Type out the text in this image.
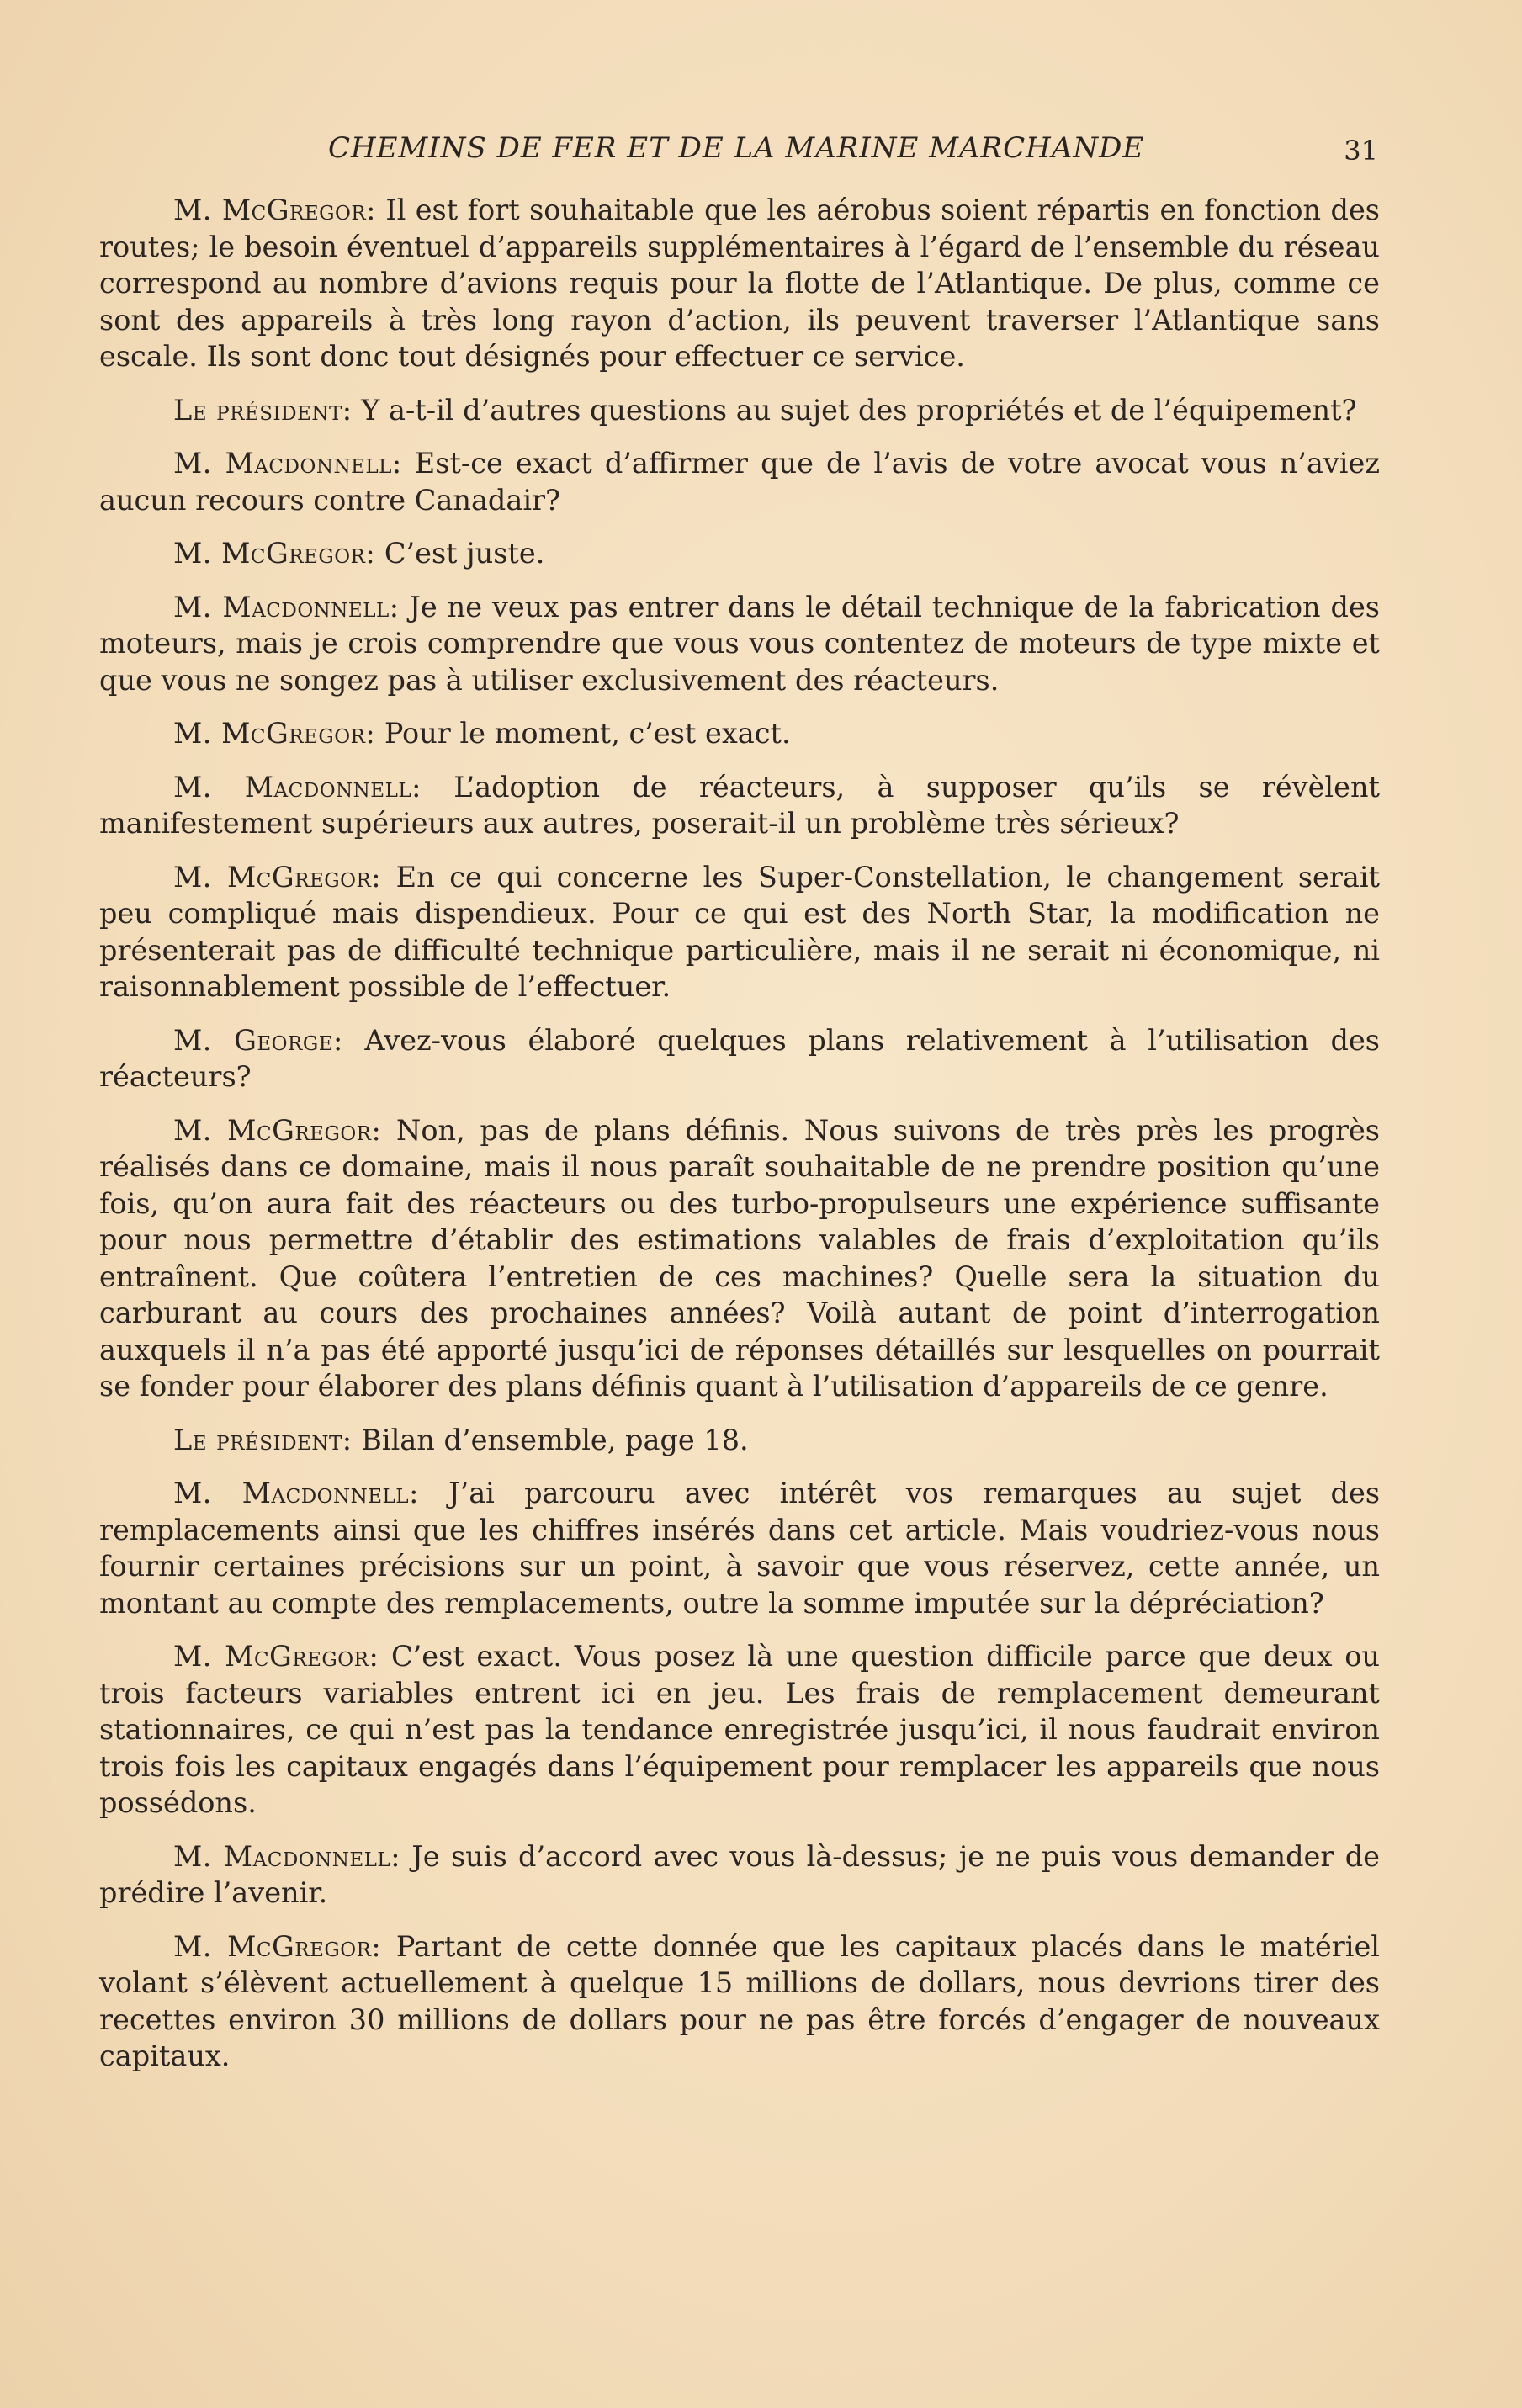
CHEMINS DE FER ET DE LA MARINE MARCHANDE	31

M. McGregor: Il est fort souhaitable que les aérobus soient répartis en fonction des routes; le besoin éventuel d’appareils supplémentaires à l’égard de l’ensemble du réseau correspond au nombre d’avions requis pour la flotte de l’Atlantique. De plus, comme ce sont des appareils à très long rayon d’action, ils peuvent traverser l’Atlantique sans escale. Ils sont donc tout désignés pour effectuer ce service.

Le président: Y a-t-il d’autres questions au sujet des propriétés et de l’équipement?

M. Macdonnell: Est-ce exact d’affirmer que de l’avis de votre avocat vous n’aviez aucun recours contre Canadair?

M. McGregor: C’est juste.

M. Macdonnell: Je ne veux pas entrer dans le détail technique de la fabrication des moteurs, mais je crois comprendre que vous vous contentez de moteurs de type mixte et que vous ne songez pas à utiliser exclusivement des réacteurs.

M. McGregor: Pour le moment, c’est exact.

M. Macdonnell: L’adoption de réacteurs, à supposer qu’ils se révèlent manifestement supérieurs aux autres, poserait-il un problème très sérieux?

M. McGregor: En ce qui concerne les Super-Constellation, le changement serait peu compliqué mais dispendieux. Pour ce qui est des North Star, la modification ne présenterait pas de difficulté technique particulière, mais il ne serait ni économique, ni raisonnablement possible de l’effectuer.

M. George: Avez-vous élaboré quelques plans relativement à l’utilisation des réacteurs?

M. McGregor: Non, pas de plans définis. Nous suivons de très près les progrès réalisés dans ce domaine, mais il nous paraît souhaitable de ne prendre position qu’une fois, qu’on aura fait des réacteurs ou des turbo-propulseurs une expérience suffisante pour nous permettre d’établir des estimations valables de frais d’exploitation qu’ils entraînent. Que coûtera l’entretien de ces machines? Quelle sera la situation du carburant au cours des prochaines années? Voilà autant de point d’interrogation auxquels il n’a pas été apporté jusqu’ici de réponses détaillés sur lesquelles on pourrait se fonder pour élaborer des plans définis quant à l’utilisation d’appareils de ce genre.

Le président: Bilan d’ensemble, page 18.

M. Macdonnell: J’ai parcouru avec intérêt vos remarques au sujet des remplacements ainsi que les chiffres insérés dans cet article. Mais voudriez-vous nous fournir certaines précisions sur un point, à savoir que vous réservez, cette année, un montant au compte des remplacements, outre la somme imputée sur la dépréciation?

M. McGregor: C’est exact. Vous posez là une question difficile parce que deux ou trois facteurs variables entrent ici en jeu. Les frais de remplacement demeurant stationnaires, ce qui n’est pas la tendance enregistrée jusqu’ici, il nous faudrait environ trois fois les capitaux engagés dans l’équipement pour remplacer les appareils que nous possédons.

M. Macdonnell: Je suis d’accord avec vous là-dessus; je ne puis vous demander de prédire l’avenir.

M. McGregor: Partant de cette donnée que les capitaux placés dans le matériel volant s’élèvent actuellement à quelque 15 millions de dollars, nous devrions tirer des recettes environ 30 millions de dollars pour ne pas être forcés d’engager de nouveaux capitaux.
